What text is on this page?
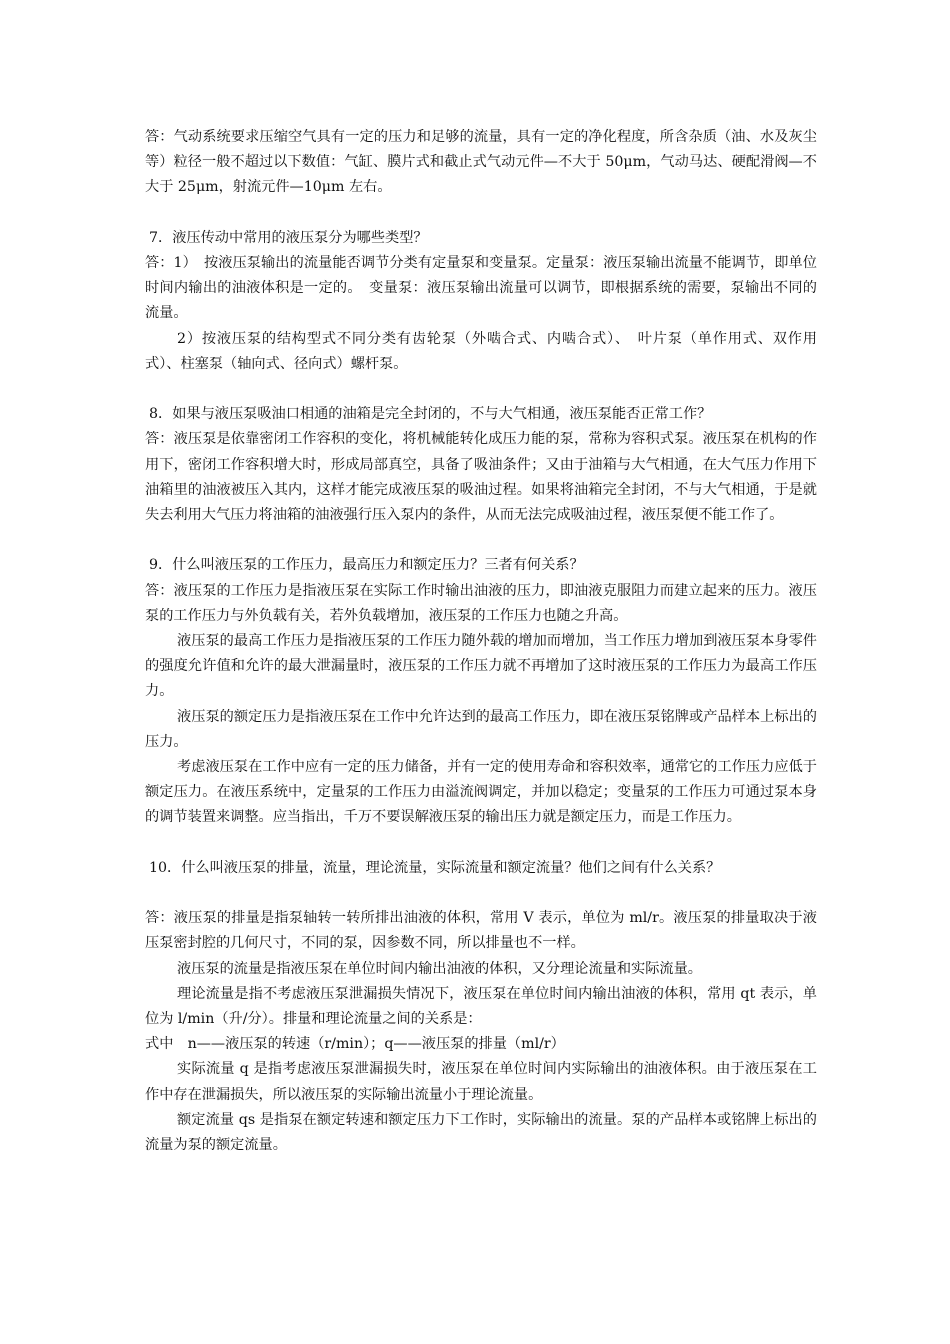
答：气动系统要求压缩空气具有一定的压力和足够的流量，具有一定的净化程度，所含杂质（油、水及灰尘等）粒径一般不超过以下数值：气缸、膜片式和截止式气动元件—不大于 50μm，气动马达、硬配滑阀—不大于 25μm，射流元件—10μm 左右。

7．液压传动中常用的液压泵分为哪些类型？

答：1）　按液压泵输出的流量能否调节分类有定量泵和变量泵。定量泵：液压泵输出流量不能调节，即单位时间内输出的油液体积是一定的。　变量泵：液压泵输出流量可以调节，即根据系统的需要，泵输出不同的流量。

2）按液压泵的结构型式不同分类有齿轮泵（外啮合式、内啮合式）、　叶片泵（单作用式、双作用式）、柱塞泵（轴向式、径向式）螺杆泵。

8．如果与液压泵吸油口相通的油箱是完全封闭的，不与大气相通，液压泵能否正常工作？

答：液压泵是依靠密闭工作容积的变化，将机械能转化成压力能的泵，常称为容积式泵。液压泵在机构的作用下，密闭工作容积增大时，形成局部真空，具备了吸油条件；又由于油箱与大气相通，在大气压力作用下油箱里的油液被压入其内，这样才能完成液压泵的吸油过程。如果将油箱完全封闭，不与大气相通，于是就失去利用大气压力将油箱的油液强行压入泵内的条件，从而无法完成吸油过程，液压泵便不能工作了。

9．什么叫液压泵的工作压力，最高压力和额定压力？三者有何关系？

答：液压泵的工作压力是指液压泵在实际工作时输出油液的压力，即油液克服阻力而建立起来的压力。液压泵的工作压力与外负载有关，若外负载增加，液压泵的工作压力也随之升高。

液压泵的最高工作压力是指液压泵的工作压力随外载的增加而增加，当工作压力增加到液压泵本身零件的强度允许值和允许的最大泄漏量时，液压泵的工作压力就不再增加了这时液压泵的工作压力为最高工作压力。

液压泵的额定压力是指液压泵在工作中允许达到的最高工作压力，即在液压泵铭牌或产品样本上标出的压力。

考虑液压泵在工作中应有一定的压力储备，并有一定的使用寿命和容积效率，通常它的工作压力应低于额定压力。在液压系统中，定量泵的工作压力由溢流阀调定，并加以稳定；变量泵的工作压力可通过泵本身的调节装置来调整。应当指出，千万不要误解液压泵的输出压力就是额定压力，而是工作压力。

10．什么叫液压泵的排量，流量，理论流量，实际流量和额定流量？他们之间有什么关系？

答：液压泵的排量是指泵轴转一转所排出油液的体积，常用 V 表示，单位为 ml/r。液压泵的排量取决于液压泵密封腔的几何尺寸，不同的泵，因参数不同，所以排量也不一样。

液压泵的流量是指液压泵在单位时间内输出油液的体积，又分理论流量和实际流量。

理论流量是指不考虑液压泵泄漏损失情况下，液压泵在单位时间内输出油液的体积，常用 qt 表示，单位为 l/min（升/分）。排量和理论流量之间的关系是：

式中　n——液压泵的转速（r/min）；q——液压泵的排量（ml/r）

实际流量 q 是指考虑液压泵泄漏损失时，液压泵在单位时间内实际输出的油液体积。由于液压泵在工作中存在泄漏损失，所以液压泵的实际输出流量小于理论流量。

额定流量 qs 是指泵在额定转速和额定压力下工作时，实际输出的流量。泵的产品样本或铭牌上标出的流量为泵的额定流量。
